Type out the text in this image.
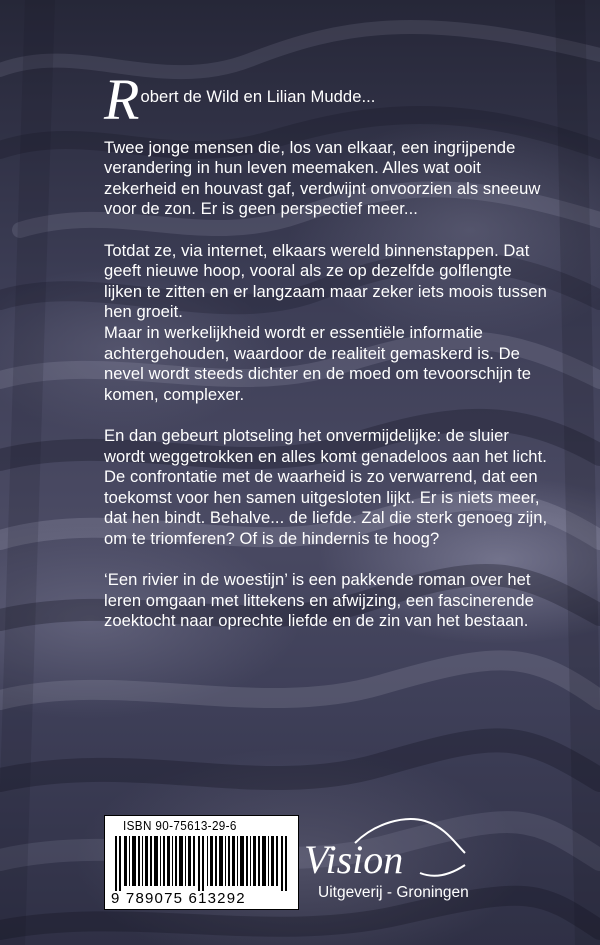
R obert de Wild en Lilian Mudde...

Twee jonge mensen die, los van elkaar, een ingrijpende verandering in hun leven meemaken. Alles wat ooit zekerheid en houvast gaf, verdwijnt onvoorzien als sneeuw voor de zon. Er is geen perspectief meer...

Totdat ze, via internet, elkaars wereld binnenstappen. Dat geeft nieuwe hoop, vooral als ze op dezelfde golflengte lijken te zitten en er langzaam maar zeker iets moois tussen hen groeit.

Maar in werkelijkheid wordt er essentiële informatie achtergehouden, waardoor de realiteit gemaskerd is. De nevel wordt steeds dichter en de moed om tevoorschijn te komen, complexer.

En dan gebeurt plotseling het onvermijdelijke: de sluier wordt weggetrokken en alles komt genadeloos aan het licht.

De confrontatie met de waarheid is zo verwarrend, dat een toekomst voor hen samen uitgesloten lijkt. Er is niets meer, dat hen bindt. Behalve... de liefde. Zal die sterk genoeg zijn, om te triomferen? Of is de hindernis te hoog?

‘Een rivier in de woestijn’ is een pakkende roman over het leren omgaan met littekens en afwijzing, een fascinerende zoektocht naar oprechte liefde en de zin van het bestaan.

ISBN 90-75613-29-6
9 789075 613292
Vision
Uitgeverij - Groningen
